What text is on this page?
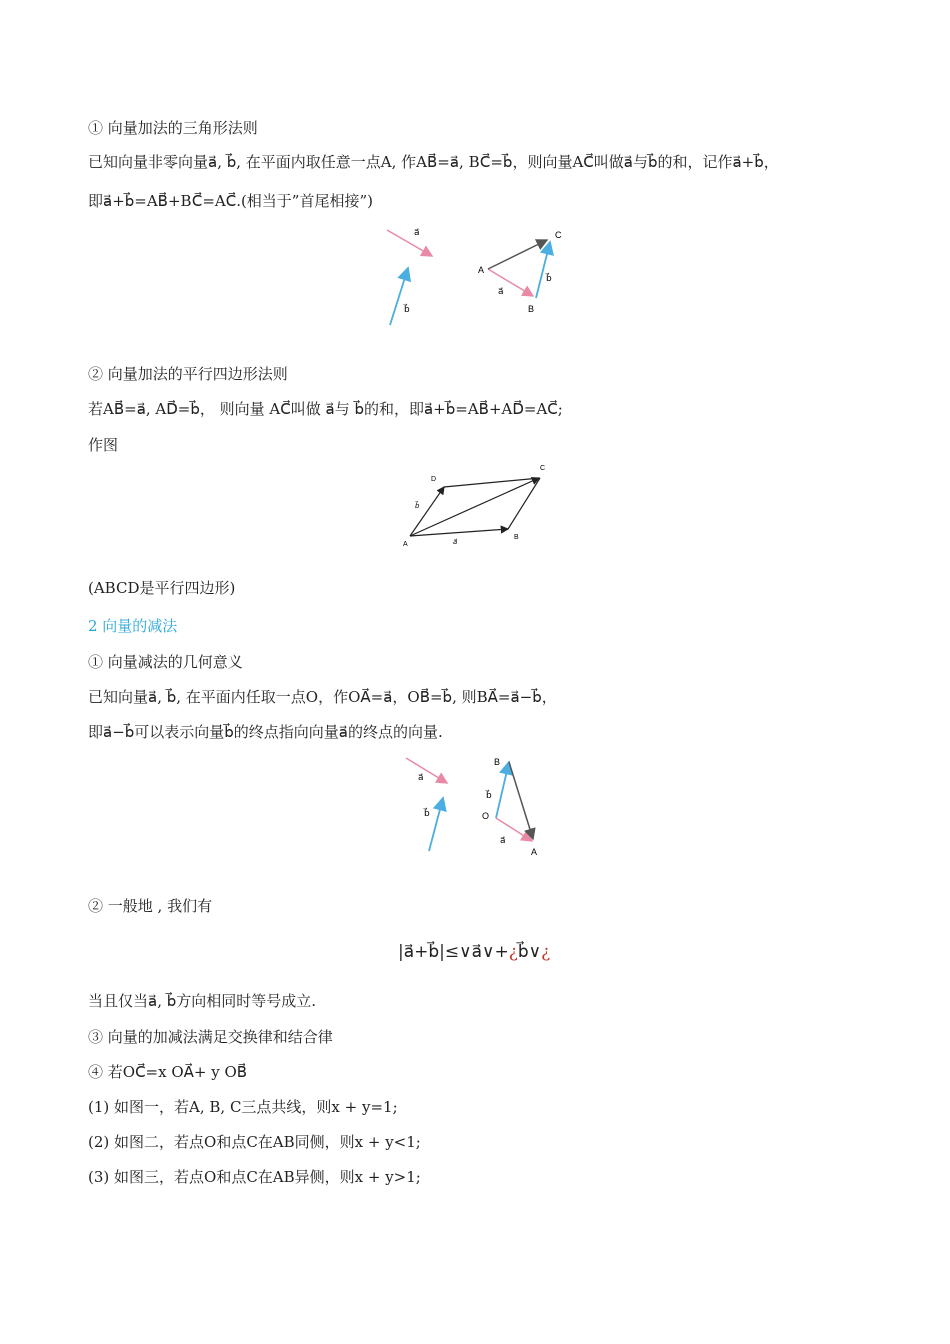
① 向量加法的三角形法则
已知向量非零向量a⃗, b⃗, 在平面内取任意一点A, 作AB⃗=a⃗, BC⃗=b⃗，则向量AC⃗叫做a⃗与b⃗的和，记作a⃗+b⃗，
即a⃗+b⃗=AB⃗+BC⃗=AC⃗.(相当于”首尾相接”)
a⃗
b⃗
A
B
C
a⃗
b⃗
② 向量加法的平行四边形法则
若AB⃗=a⃗, AD⃗=b⃗， 则向量 AC⃗叫做 a⃗与 b⃗的和，即a⃗+b⃗=AB⃗+AD⃗=AC⃗;
作图
A
B
C
D
a⃗
b⃗
(ABCD是平行四边形)
2 向量的减法
① 向量减法的几何意义
已知向量a⃗, b⃗, 在平面内任取一点O，作OA⃗=a⃗，OB⃗=b⃗, 则BA⃗=a⃗−b⃗，
即a⃗−b⃗可以表示向量b⃗的终点指向向量a⃗的终点的向量.
a⃗
b⃗
B
O
A
b⃗
a⃗
② 一般地 , 我们有
|a⃗+b⃗|≤∨a⃗∨+¿b⃗∨¿
当且仅当a⃗, b⃗方向相同时等号成立.
③ 向量的加减法满足交换律和结合律
④ 若OC⃗=x OA⃗+ y OB⃗
(1) 如图一，若A, B, C三点共线，则x + y=1;
(2) 如图二，若点O和点C在AB同侧，则x + y<1;
(3) 如图三，若点O和点C在AB异侧，则x + y>1;
